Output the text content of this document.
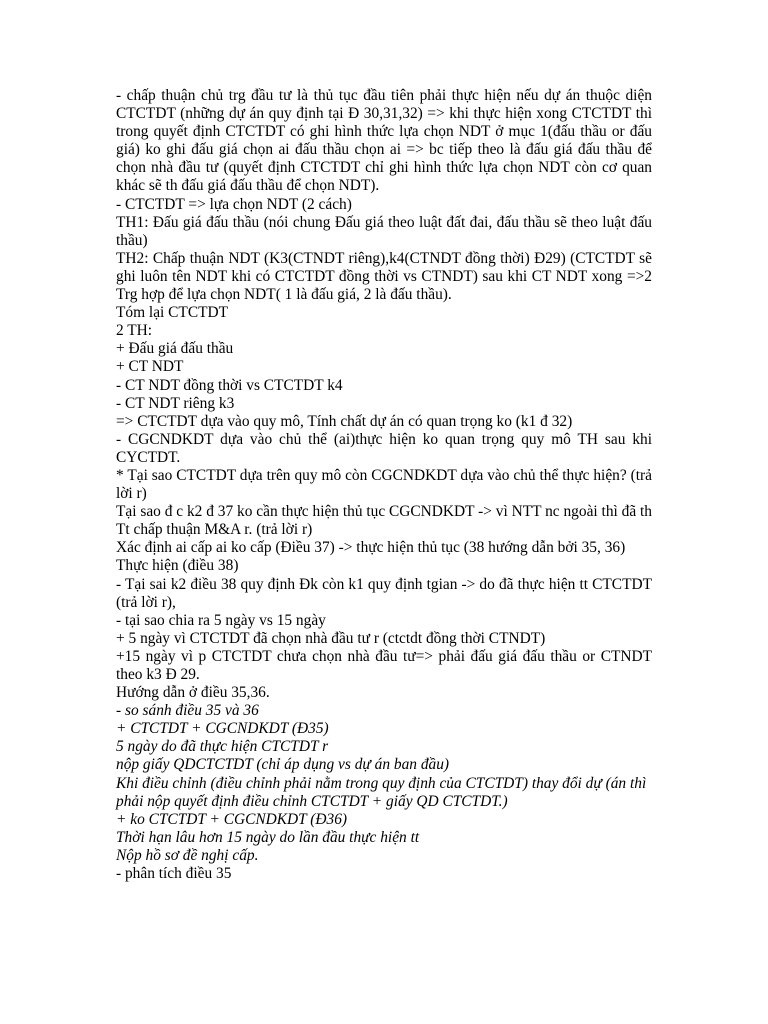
- chấp thuận chủ trg đầu tư là thủ tục đầu tiên phải thực hiện nếu dự án thuộc diện CTCTDT (những dự án quy định tại Đ 30,31,32) => khi thực hiện xong CTCTDT thì trong quyết định CTCTDT có ghi hình thức lựa chọn NDT ở mục 1(đấu thầu or đấu giá) ko ghi đấu giá chọn ai đấu thầu chọn ai => bc tiếp theo là đấu giá đấu thầu để chọn nhà đầu tư (quyết định CTCTDT chỉ ghi hình thức lựa chọn NDT còn cơ quan khác sẽ th đấu giá đấu thầu để chọn NDT).

- CTCTDT => lựa chọn NDT (2 cách)

TH1: Đấu giá đấu thầu (nói chung Đấu giá theo luật đất đai, đấu thầu sẽ theo luật đấu thầu)

TH2: Chấp thuận NDT (K3(CTNDT riêng),k4(CTNDT đồng thời) Đ29) (CTCTDT sẽ ghi luôn tên NDT khi có CTCTDT đồng thời vs CTNDT) sau khi CT NDT xong =>2 Trg hợp để lựa chọn NDT( 1 là đấu giá, 2 là đấu thầu).

Tóm lại CTCTDT

2 TH:

+ Đấu giá đấu thầu

+ CT NDT

- CT NDT đồng thời vs CTCTDT k4

- CT NDT riêng k3

=> CTCTDT dựa vào quy mô, Tính chất dự án có quan trọng ko (k1 đ 32)

- CGCNDKDT dựa vào chủ thể (ai)thực hiện ko quan trọng quy mô TH sau khi CYCTDT.

* Tại sao CTCTDT dựa trên quy mô còn CGCNDKDT dựa vào chủ thể thực hiện? (trả lời r)

Tại sao đ c k2 đ 37 ko cần thực hiện thủ tục CGCNDKDT -> vì NTT nc ngoài thì đã th Tt chấp thuận M&A r. (trả lời r)

Xác định ai cấp ai ko cấp (Điều 37) -> thực hiện thủ tục (38 hướng dẫn bởi 35, 36)

Thực hiện (điều 38)

- Tại sai k2 điều 38 quy định Đk còn k1 quy định tgian -> do đã thực hiện tt CTCTDT (trả lời r),

- tại sao chia ra 5 ngày vs 15 ngày

+ 5 ngày vì CTCTDT đã chọn nhà đầu tư r (ctctdt đồng thời CTNDT)

+15 ngày vì p CTCTDT chưa chọn nhà đầu tư=> phải đấu giá đấu thầu or CTNDT theo k3 Đ 29.

Hướng dẫn ở điều 35,36.

- so sánh điều 35 và 36

+ CTCTDT + CGCNDKDT (Đ35)

5 ngày do đã thực hiện CTCTDT r

nộp giấy QDCTCTDT (chỉ áp dụng vs dự án ban đầu)

Khi điều chỉnh (điều chỉnh phải nằm trong quy định của CTCTDT) thay đổi dự (án thì phải nộp quyết định điều chỉnh CTCTDT + giấy QD CTCTDT.)

+ ko CTCTDT + CGCNDKDT (Đ36)

Thời hạn lâu hơn 15 ngày do lần đầu thực hiện tt

Nộp hồ sơ đề nghị cấp.

- phân tích điều 35
